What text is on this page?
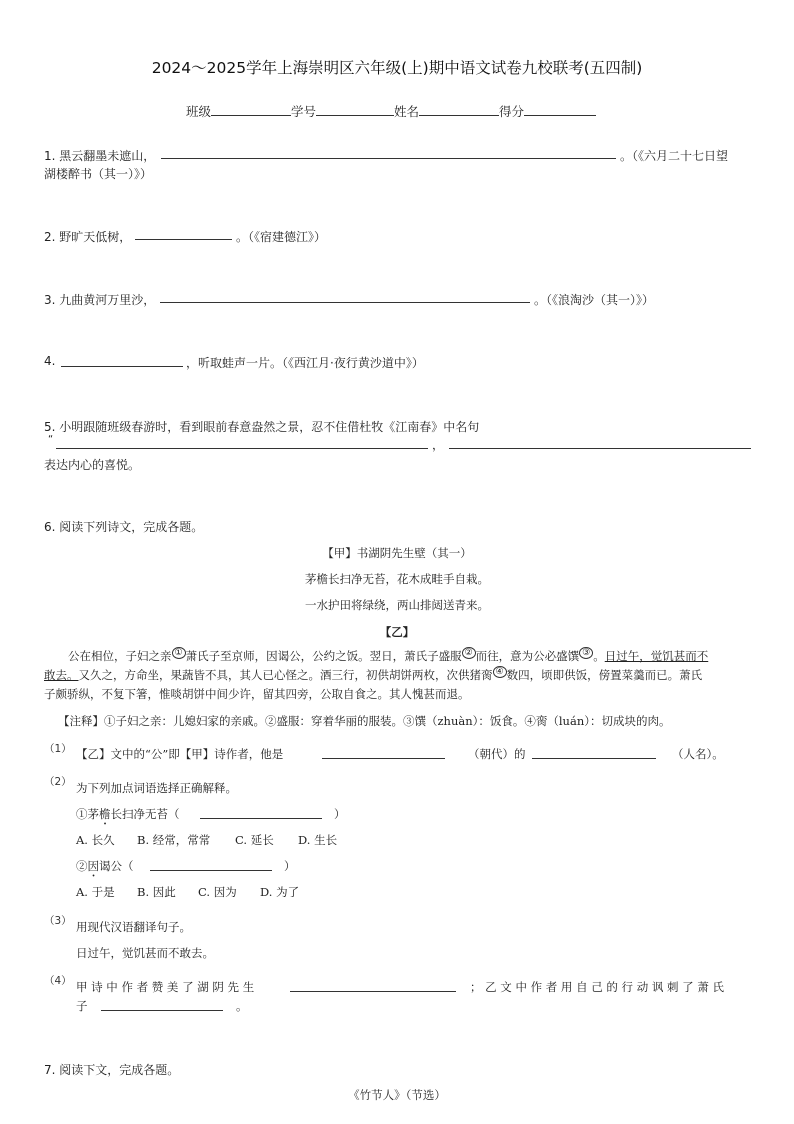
2024～2025学年上海崇明区六年级(上)期中语文试卷九校联考(五四制)
班级	学号	姓名	得分
1. 黑云翻墨未遮山，	。（《六月二十七日望
湖楼醉书（其一）》）
2. 野旷天低树，	。（《宿建德江》）
3. 九曲黄河万里沙，	。（《浪淘沙（其一）》）
4.	，听取蛙声一片。（《西江月·夜行黄沙道中》）
5. 小明跟随班级春游时，看到眼前春意盎然之景，忍不住借杜牧《江南春》中名句
“	，
表达内心的喜悦。
6. 阅读下列诗文，完成各题。
【甲】书湖阴先生壁（其一）
茅檐长扫净无苔，花木成畦手自栽。
一水护田将绿绕，两山排闼送青来。
【乙】
公在相位，子妇之亲 ① 萧氏子至京师，因谒公，公约之饭。翌日，萧氏子盛服 ② 而往，意为公必盛馔 ③ 。日过午，觉饥甚而不
敢去。又久之，方命坐，果蔬皆不具，其人已心怪之。酒三行，初供胡饼两枚，次供猪脔 ④ 数四，顷即供饭，傍置菜羹而已。萧氏
子颇骄纵，不复下箸，惟啖胡饼中间少许，留其四旁，公取自食之。其人愧甚而退。
【注释】①子妇之亲：儿媳妇家的亲戚。②盛服：穿着华丽的服装。③馔（zhuàn）：饭食。④脔（luán）：切成块的肉。
（1） 【乙】文中的“公”即【甲】诗作者，他是	（朝代）的	（人名）。
（2） 为下列加点词语选择正确解释。
①茅檐长扫净无苔（	）
A. 长久 B. 经常，常常 C. 延长 D. 生长
②因谒公（	）
A. 于是 B. 因此 C. 因为 D. 为了
（3） 用现代汉语翻译句子。
日过午，觉饥甚而不敢去。
（4） 甲 诗 中 作 者 赞 美 了 湖 阴 先 生	； 乙 文 中 作 者 用 自 己 的 行 动 讽 刺 了 萧 氏
子	。
7. 阅读下文，完成各题。
《竹节人》（节选）
